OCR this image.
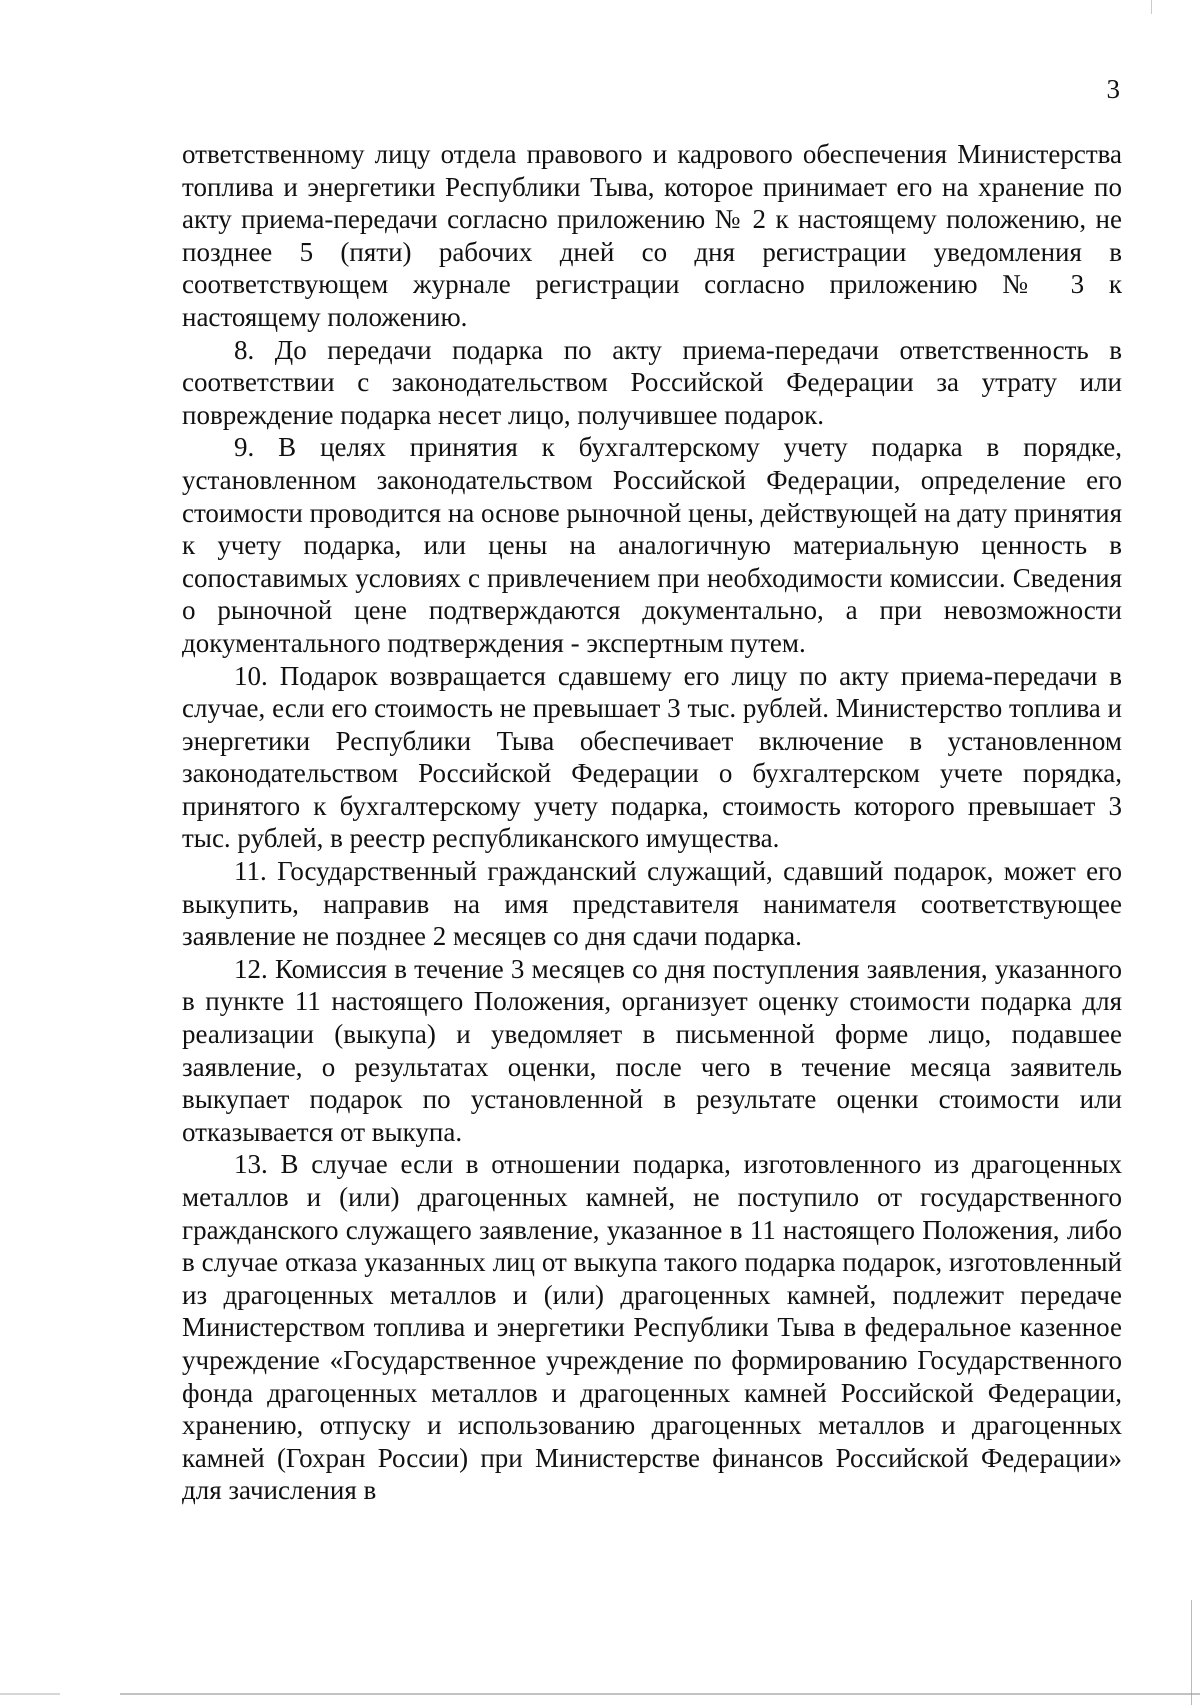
3

ответственному лицу отдела правового и кадрового обеспечения Министерства топлива и энергетики Республики Тыва, которое принимает его на хранение по акту приема-передачи согласно приложению № 2 к настоящему положению, не позднее 5 (пяти) рабочих дней со дня регистрации уведомления в соответствующем журнале регистрации согласно приложению № 3 к настоящему положению.

8. До передачи подарка по акту приема-передачи ответственность в соответствии с законодательством Российской Федерации за утрату или повреждение подарка несет лицо, получившее подарок.

9. В целях принятия к бухгалтерскому учету подарка в порядке, установленном законодательством Российской Федерации, определение его стоимости проводится на основе рыночной цены, действующей на дату принятия к учету подарка, или цены на аналогичную материальную ценность в сопоставимых условиях с привлечением при необходимости комиссии. Сведения о рыночной цене подтверждаются документально, а при невозможности документального подтверждения - экспертным путем.

10. Подарок возвращается сдавшему его лицу по акту приема-передачи в случае, если его стоимость не превышает 3 тыс. рублей. Министерство топлива и энергетики Республики Тыва обеспечивает включение в установленном законодательством Российской Федерации о бухгалтерском учете порядка, принятого к бухгалтерскому учету подарка, стоимость которого превышает 3 тыс. рублей, в реестр республиканского имущества.

11. Государственный гражданский служащий, сдавший подарок, может его выкупить, направив на имя представителя нанимателя соответствующее заявление не позднее 2 месяцев со дня сдачи подарка.

12. Комиссия в течение 3 месяцев со дня поступления заявления, указанного в пункте 11 настоящего Положения, организует оценку стоимости подарка для реализации (выкупа) и уведомляет в письменной форме лицо, подавшее заявление, о результатах оценки, после чего в течение месяца заявитель выкупает подарок по установленной в результате оценки стоимости или отказывается от выкупа.

13. В случае если в отношении подарка, изготовленного из драгоценных металлов и (или) драгоценных камней, не поступило от государственного гражданского служащего заявление, указанное в 11 настоящего Положения, либо в случае отказа указанных лиц от выкупа такого подарка подарок, изготовленный из драгоценных металлов и (или) драгоценных камней, подлежит передаче Министерством топлива и энергетики Республики Тыва в федеральное казенное учреждение «Государственное учреждение по формированию Государственного фонда драгоценных металлов и драгоценных камней Российской Федерации, хранению, отпуску и использованию драгоценных металлов и драгоценных камней (Гохран России) при Министерстве финансов Российской Федерации» для зачисления в
